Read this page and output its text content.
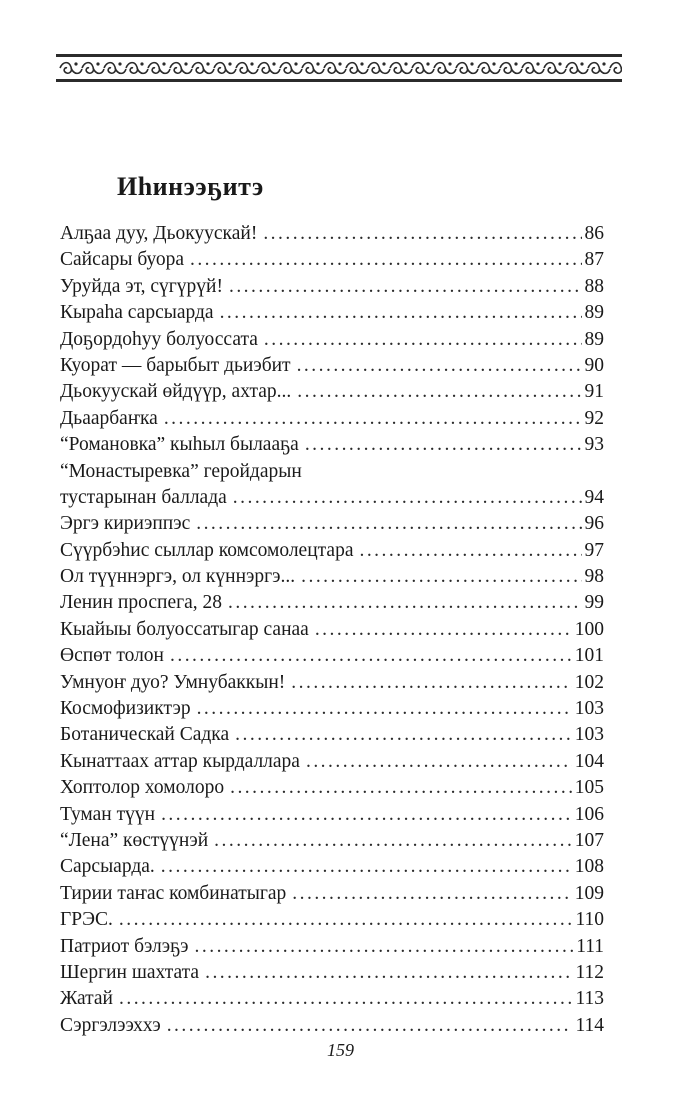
Иһинээҕитэ
Алҕаа дуу, Дьокуускай! . . .	86
Сайсары буора . . .	87
Уруйда эт, сүгүрүй! . . .	88
Кыраһа сарсыарда . . .	89
Доҕордоһуу болуоссата . . .	89
Куорат — барыбыт дьиэбит . . .	90
Дьокуускай өйдүүр, ахтар... . . .	91
Дьаарбаҥка . . .	92
“Романовка” кыһыл былааҕа . . .	93
“Монастыревка” геройдарын
тустарынан баллада . . .	94
Эргэ кириэппэс . . .	96
Сүүрбэһис сыллар комсомолецтара . . .	97
Ол түүннэргэ, ол күннэргэ... . . .	98
Ленин проспега, 28 . . .	99
Кыайыы болуоссатыгар санаа . . .	100
Өспөт толон . . .	101
Умнуоҥ дуо? Умнубаккын! . . .	102
Космофизиктэр . . .	103
Ботаническай Садка . . .	103
Кынаттаах аттар кырдаллара . . .	104
Хоптолор хомолоро . . .	105
Туман түүн . . .	106
“Лена” көстүүнэй . . .	107
Сарсыарда. . . .	108
Тирии таҥас комбинатыгар . . .	109
ГРЭС. . . .	110
Патриот бэлэҕэ . . .	111
Шергин шахтата . . .	112
Жатай . . .	113
Сэргэлээххэ . . .	114
159
